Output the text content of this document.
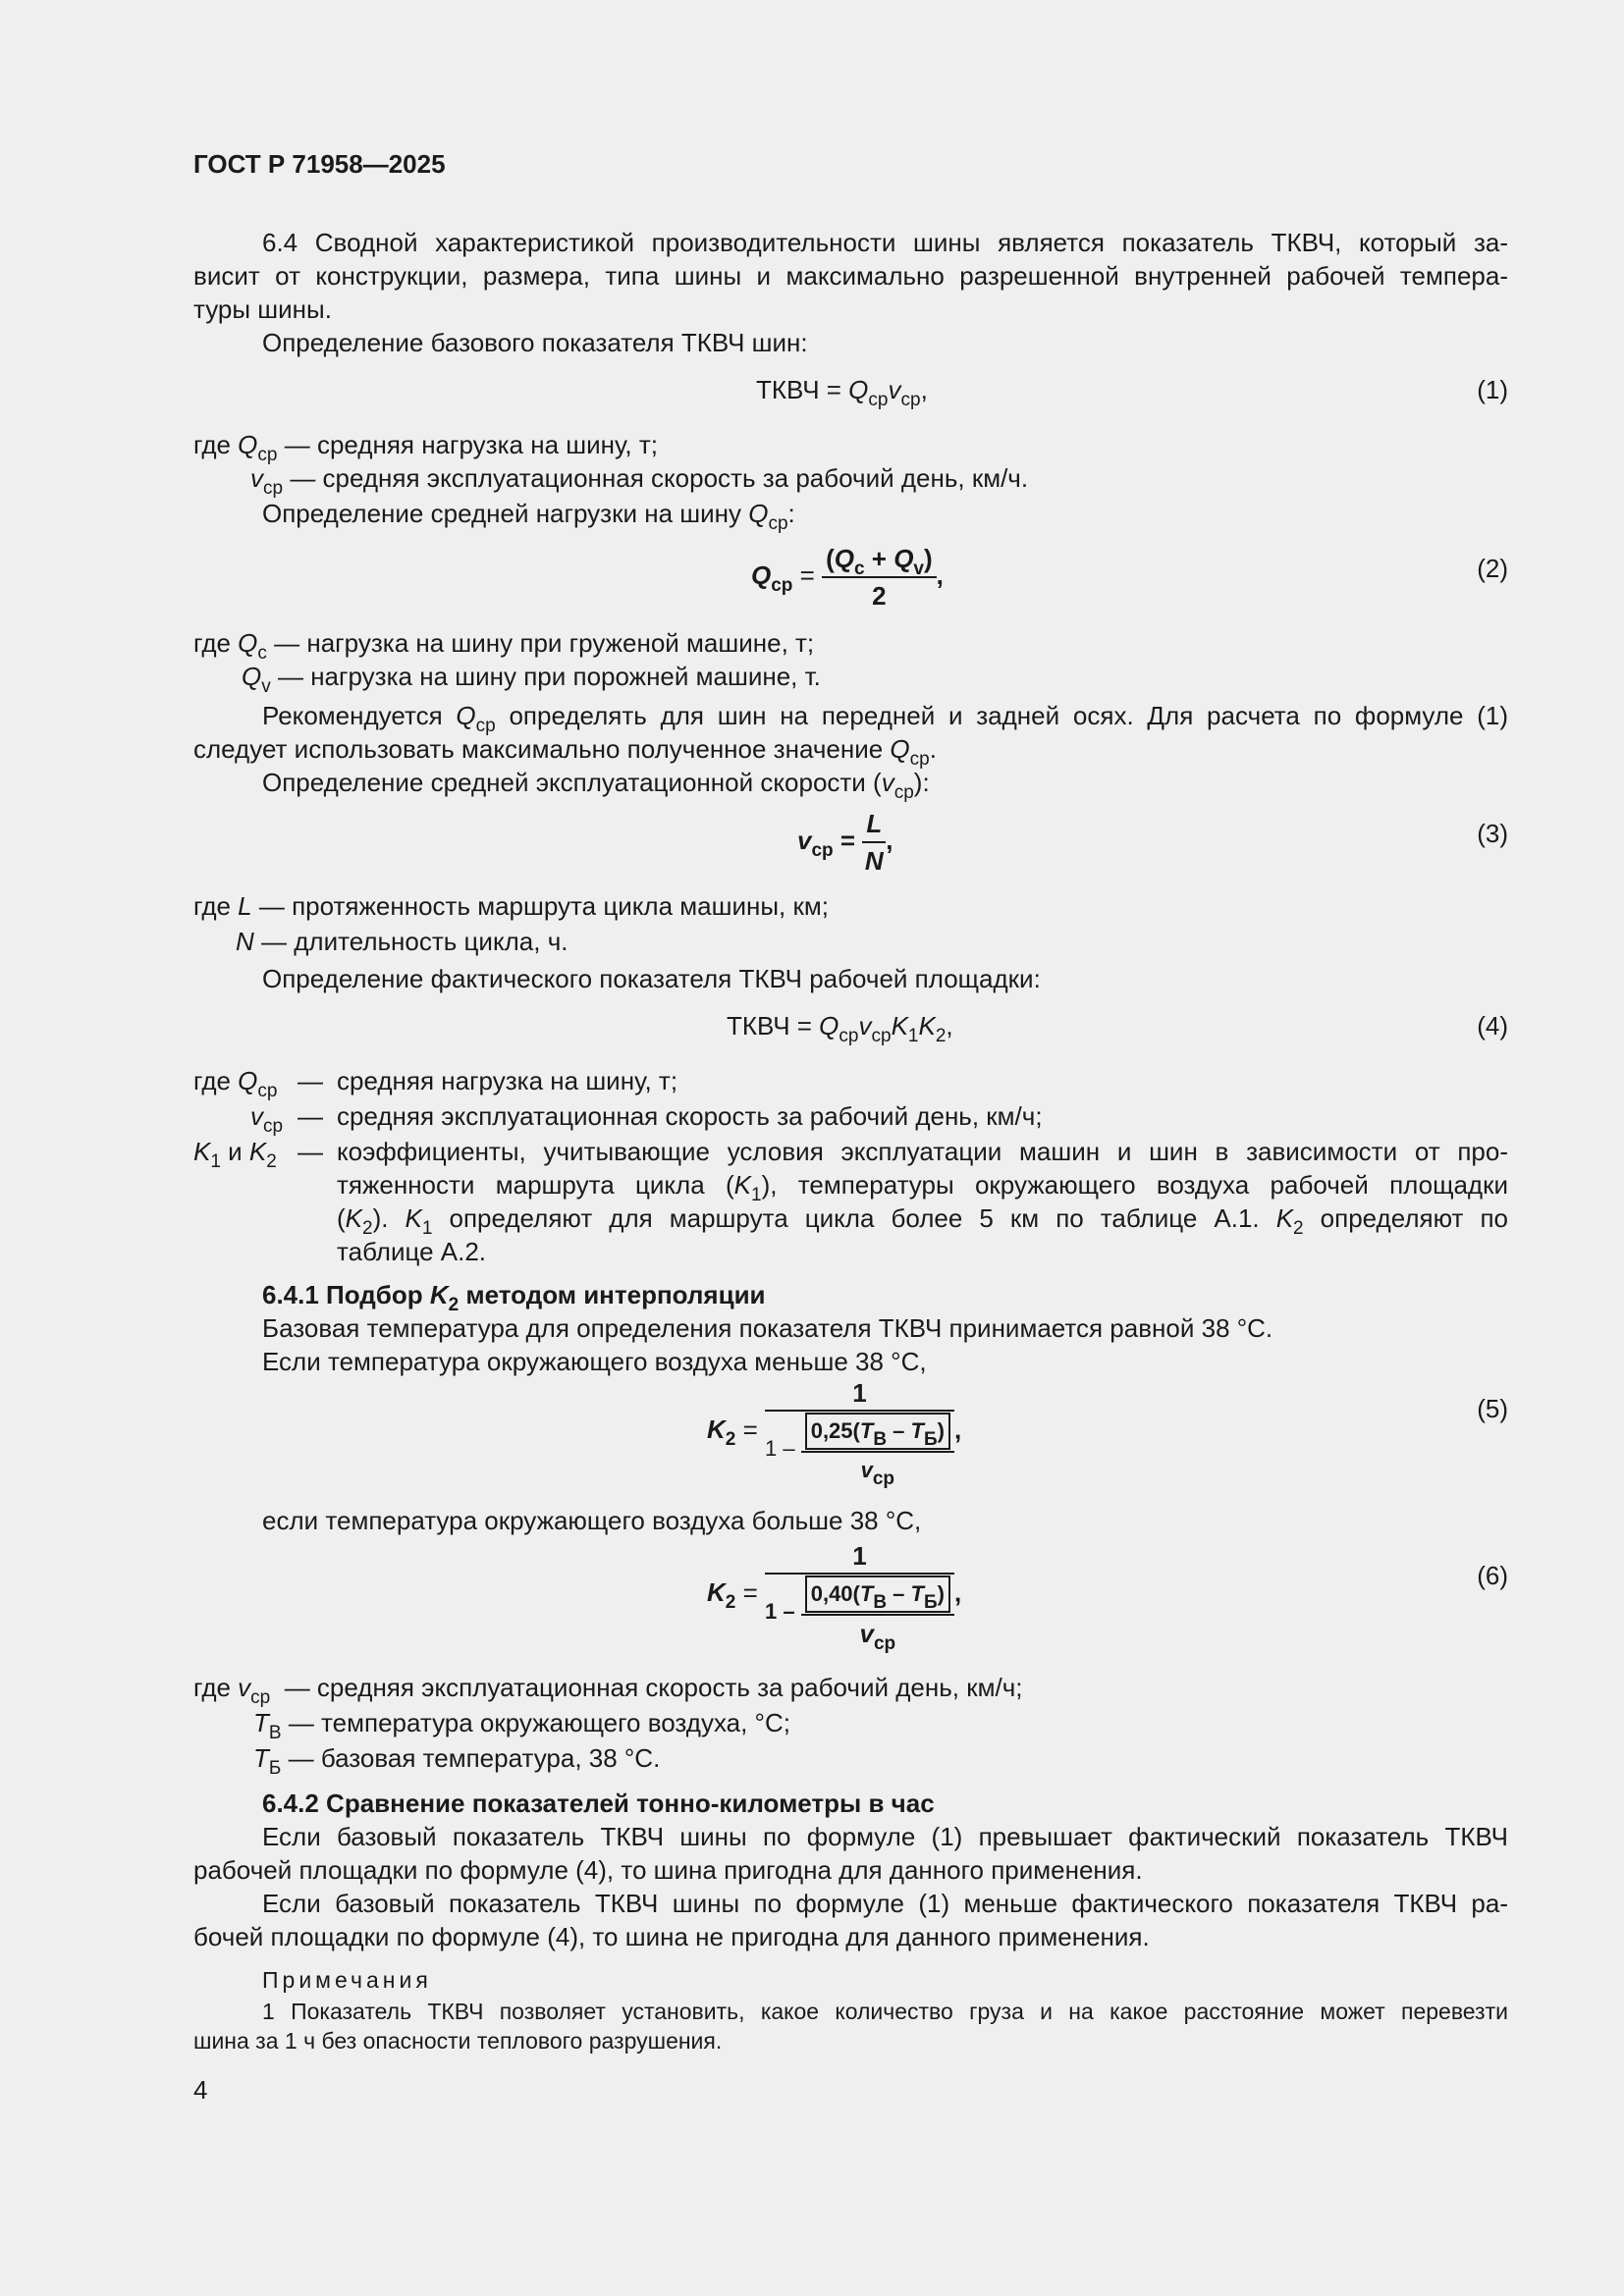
ГОСТ Р 71958—2025
6.4 Сводной характеристикой производительности шины является показатель ТКВЧ, который за-
висит от конструкции, размера, типа шины и максимально разрешенной внутренней рабочей темпера-
туры шины.
Определение базового показателя ТКВЧ шин:
ТКВЧ = $Q_{ср}v_{ср}$,	(1)
где $Q_{ср}$ — средняя нагрузка на шину, т;
$v_{ср}$ — средняя эксплуатационная скорость за рабочий день, км/ч.
Определение средней нагрузки на шину $Q_{ср}$:
$Q_{ср} = \frac{(Q_с + Q_v)}{2}$ ,	(2)
где $Q_с$ — нагрузка на шину при груженой машине, т;
$Q_v$ — нагрузка на шину при порожней машине, т.
Рекомендуется $Q_{ср}$ определять для шин на передней и задней осях. Для расчета по формуле (1)
следует использовать максимально полученное значение $Q_{ср}$.
Определение средней эксплуатационной скорости $(v_{ср})$:
$v_{ср} = \frac{L}{N}$ ,	(3)
где L — протяженность маршрута цикла машины, км;
N — длительность цикла, ч.
Определение фактического показателя ТКВЧ рабочей площадки:
ТКВЧ = $Q_{ср}v_{ср}K_1K_2$,	(4)
где $Q_{ср}$ — средняя нагрузка на шину, т;
$v_{ср}$ — средняя эксплуатационная скорость за рабочий день, км/ч;
$K_1$ и $K_2$ — коэффициенты, учитывающие условия эксплуатации машин и шин в зависимости от про-
тяженности маршрута цикла $(K_1)$, температуры окружающего воздуха рабочей площадки
$(K_2)$. $K_1$ определяют для маршрута цикла более 5 км по таблице А.1. $K_2$ определяют по
таблице А.2.
6.4.1 Подбор $K_2$ методом интерполяции
Базовая температура для определения показателя ТКВЧ принимается равной 38 °С.
Если температура окружающего воздуха меньше 38 °С,
$K_2 = \frac{1}{1 - \frac{0,25(T_В - T_Б)}{v_{ср}}}$ ,
(5)
если температура окружающего воздуха больше 38 °С,
$K_2 = \frac{1}{1 - \frac{0,40(T_В - T_Б)}{v_{ср}}}$ ,
(6)
где $v_{ср}$ — средняя эксплуатационная скорость за рабочий день, км/ч;
$T_В$ — температура окружающего воздуха, °С;
$T_Б$ — базовая температура, 38 °С.
6.4.2 Сравнение показателей тонно-километры в час
Если базовый показатель ТКВЧ шины по формуле (1) превышает фактический показатель ТКВЧ
рабочей площадки по формуле (4), то шина пригодна для данного применения.
Если базовый показатель ТКВЧ шины по формуле (1) меньше фактического показателя ТКВЧ ра-
бочей площадки по формуле (4), то шина не пригодна для данного применения.
Примечания
1 Показатель ТКВЧ позволяет установить, какое количество груза и на какое расстояние может перевезти
шина за 1 ч без опасности теплового разрушения.
4
